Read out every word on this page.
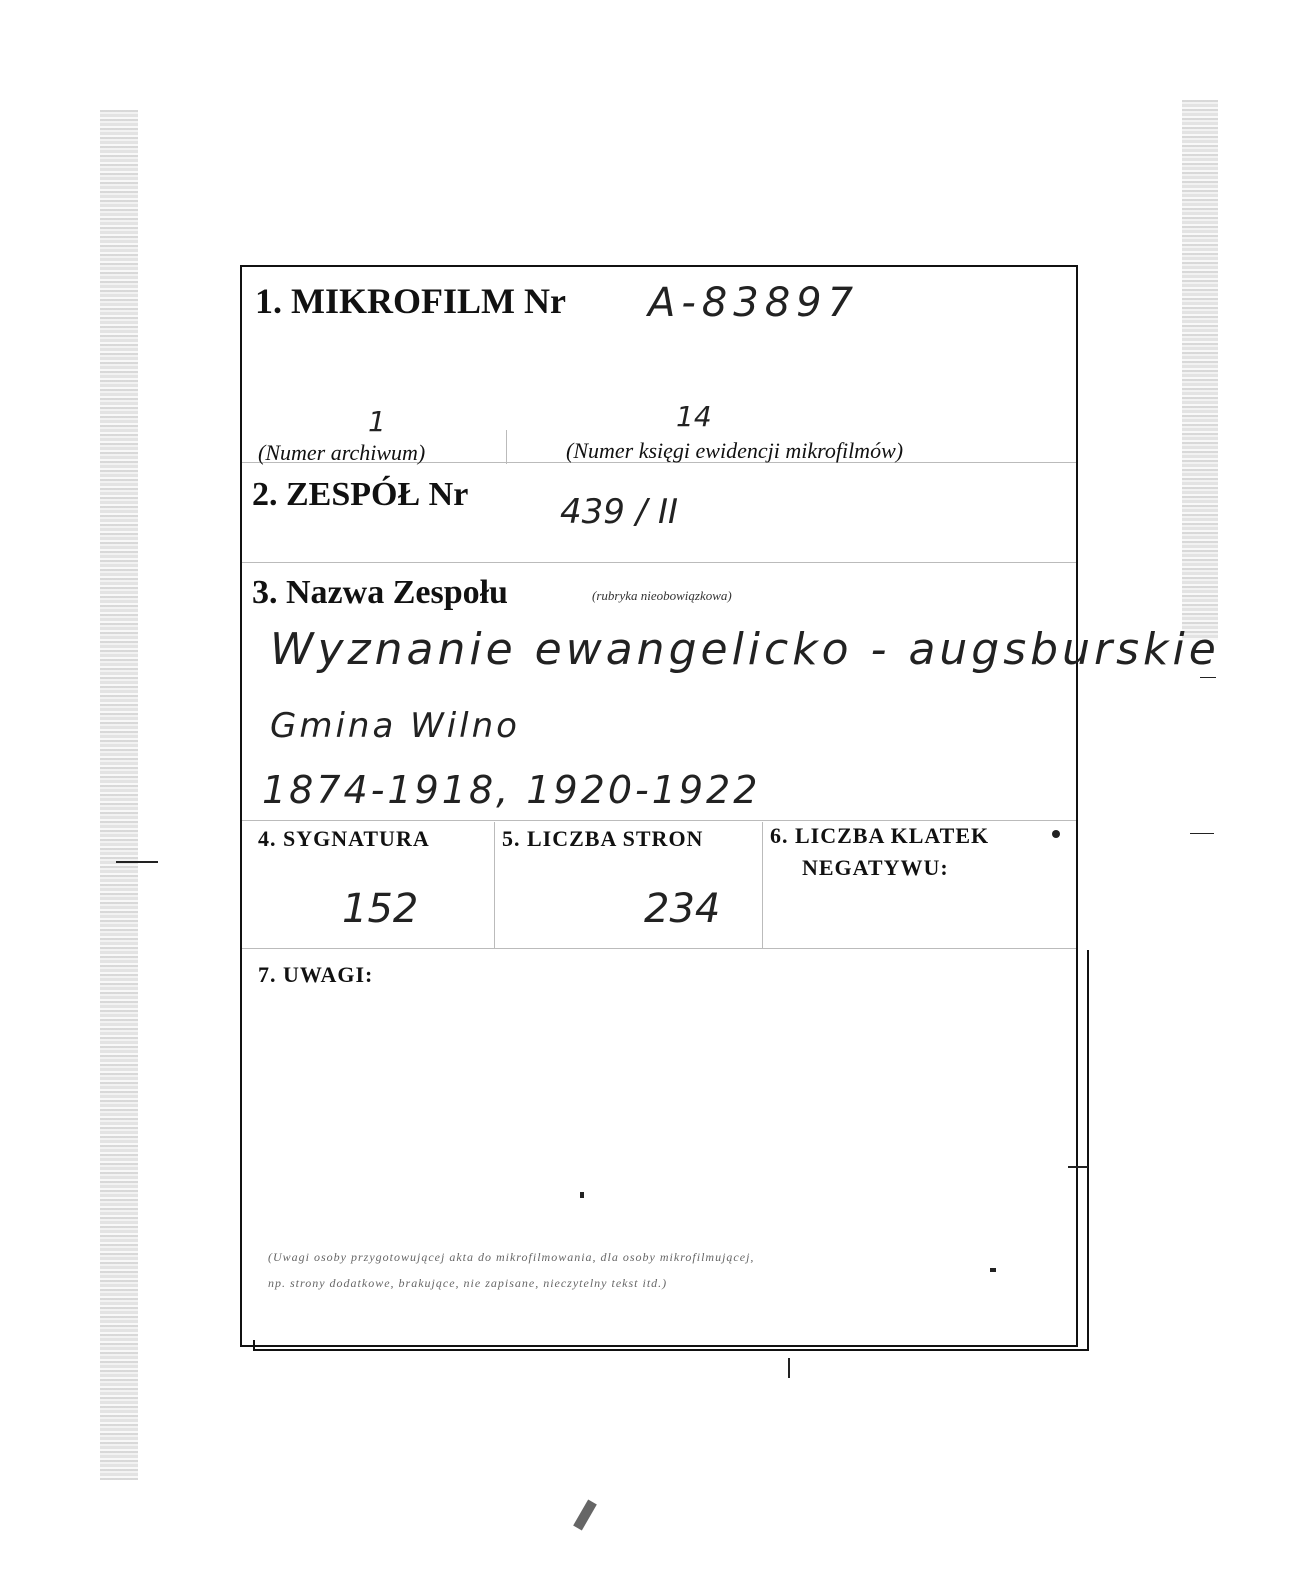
1. MIKROFILM Nr A-83897
1	14
(Numer archiwum)	(Numer księgi ewidencji mikrofilmów)
2. ZESPÓŁ Nr	439 / II
3. Nazwa Zespołu	(rubryka nieobowiązkowa)
Wyznanie ewangelicko - augsburskie
Gmina Wilno
1874-1918, 1920-1922
4. SYGNATURA	5. LICZBA STRON	6. LICZBA KLATEK
NEGATYWU:
152	234
7. UWAGI:
(Uwagi osoby przygotowującej akta do mikrofilmowania, dla osoby mikrofilmującej,
np. strony dodatkowe, brakujące, nie zapisane, nieczytelny tekst itd.)
